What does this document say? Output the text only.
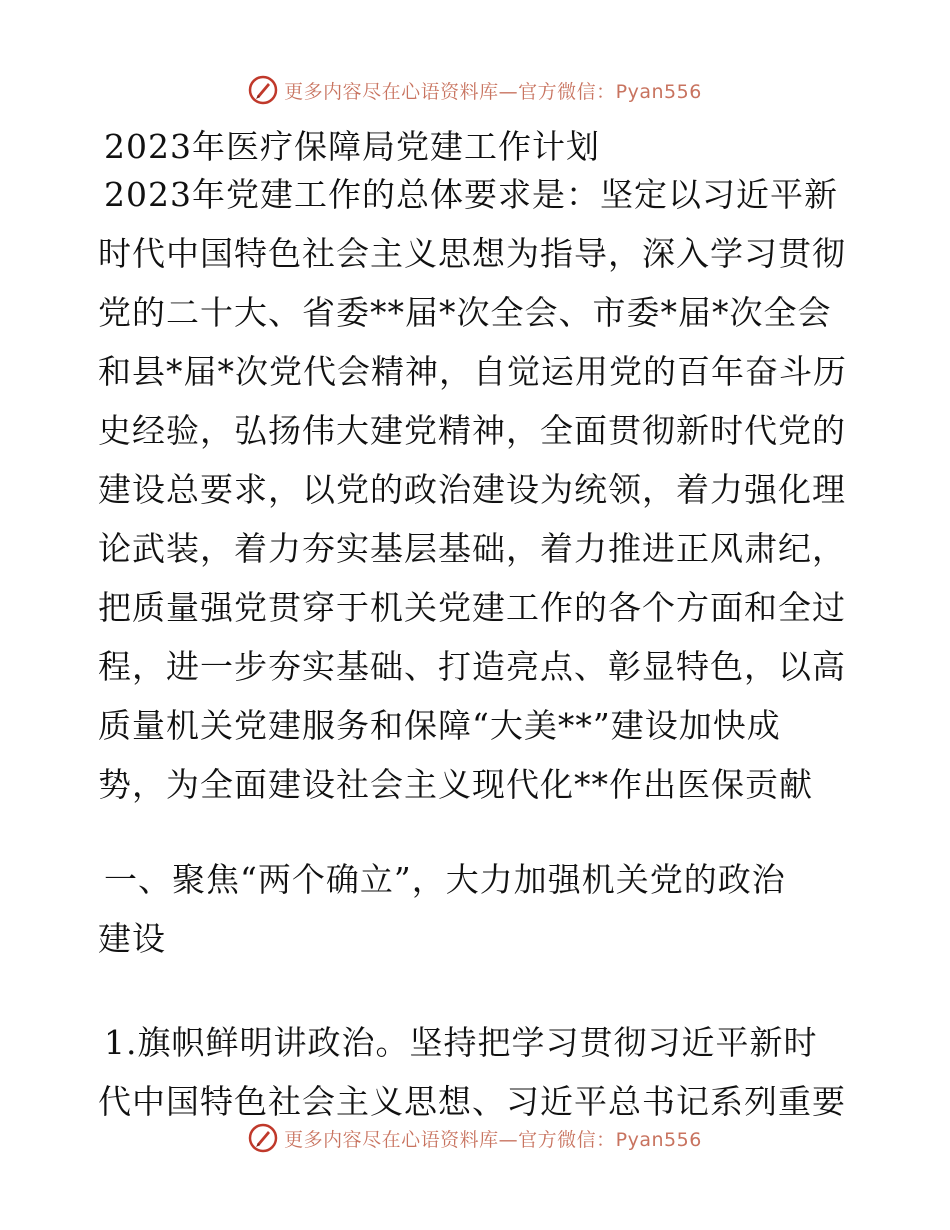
更多内容尽在心语资料库—官方微信：Pyan556
2023年医疗保障局党建工作计划
2023年党建工作的总体要求是：坚定以习近平新
时代中国特色社会主义思想为指导，深入学习贯彻
党的二十大、省委**届*次全会、市委*届*次全会
和县*届*次党代会精神，自觉运用党的百年奋斗历
史经验，弘扬伟大建党精神，全面贯彻新时代党的
建设总要求，以党的政治建设为统领，着力强化理
论武装，着力夯实基层基础，着力推进正风肃纪，
把质量强党贯穿于机关党建工作的各个方面和全过
程，进一步夯实基础、打造亮点、彰显特色，以高
质量机关党建服务和保障“大美**”建设加快成
势，为全面建设社会主义现代化**作出医保贡献
一、聚焦“两个确立”，大力加强机关党的政治
建设
1.旗帜鲜明讲政治。坚持把学习贯彻习近平新时
代中国特色社会主义思想、习近平总书记系列重要
更多内容尽在心语资料库—官方微信：Pyan556
